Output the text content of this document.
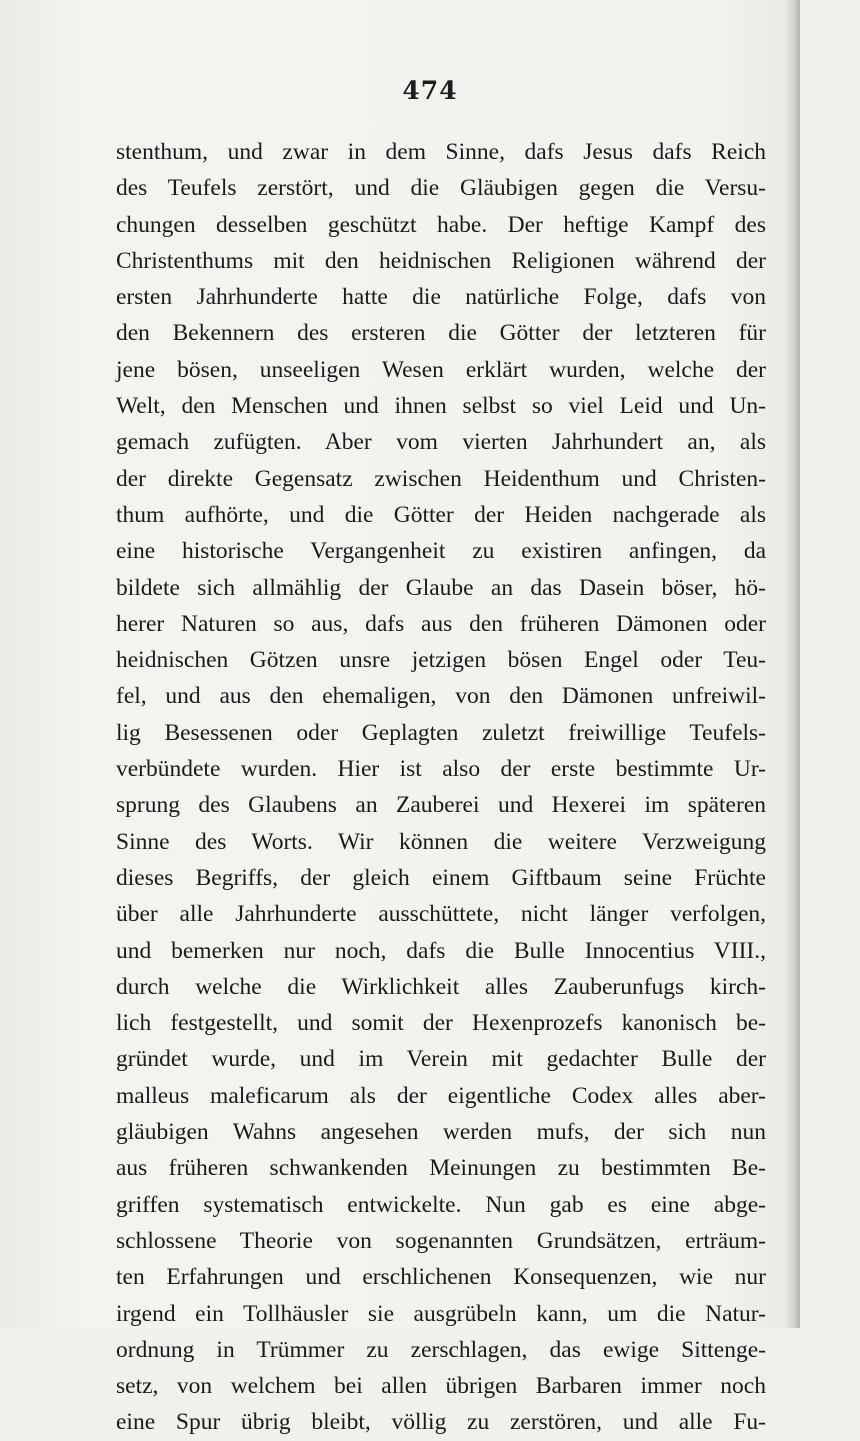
474
stenthum, und zwar in dem Sinne, dafs Jesus dafs Reich
des Teufels zerstört, und die Gläubigen gegen die Versu-
chungen desselben geschützt habe. Der heftige Kampf des
Christenthums mit den heidnischen Religionen während der
ersten Jahrhunderte hatte die natürliche Folge, dafs von
den Bekennern des ersteren die Götter der letzteren für
jene bösen, unseeligen Wesen erklärt wurden, welche der
Welt, den Menschen und ihnen selbst so viel Leid und Un-
gemach zufügten. Aber vom vierten Jahrhundert an, als
der direkte Gegensatz zwischen Heidenthum und Christen-
thum aufhörte, und die Götter der Heiden nachgerade als
eine historische Vergangenheit zu existiren anfingen, da
bildete sich allmählig der Glaube an das Dasein böser, hö-
herer Naturen so aus, dafs aus den früheren Dämonen oder
heidnischen Götzen unsre jetzigen bösen Engel oder Teu-
fel, und aus den ehemaligen, von den Dämonen unfreiwil-
lig Besessenen oder Geplagten zuletzt freiwillige Teufels-
verbündete wurden. Hier ist also der erste bestimmte Ur-
sprung des Glaubens an Zauberei und Hexerei im späteren
Sinne des Worts. Wir können die weitere Verzweigung
dieses Begriffs, der gleich einem Giftbaum seine Früchte
über alle Jahrhunderte ausschüttete, nicht länger verfolgen,
und bemerken nur noch, dafs die Bulle Innocentius VIII.,
durch welche die Wirklichkeit alles Zauberunfugs kirch-
lich festgestellt, und somit der Hexenprozefs kanonisch be-
gründet wurde, und im Verein mit gedachter Bulle der
malleus maleficarum als der eigentliche Codex alles aber-
gläubigen Wahns angesehen werden mufs, der sich nun
aus früheren schwankenden Meinungen zu bestimmten Be-
griffen systematisch entwickelte. Nun gab es eine abge-
schlossene Theorie von sogenannten Grundsätzen, erträum-
ten Erfahrungen und erschlichenen Konsequenzen, wie nur
irgend ein Tollhäusler sie ausgrübeln kann, um die Natur-
ordnung in Trümmer zu zerschlagen, das ewige Sittenge-
setz, von welchem bei allen übrigen Barbaren immer noch
eine Spur übrig bleibt, völlig zu zerstören, und alle Fu-
